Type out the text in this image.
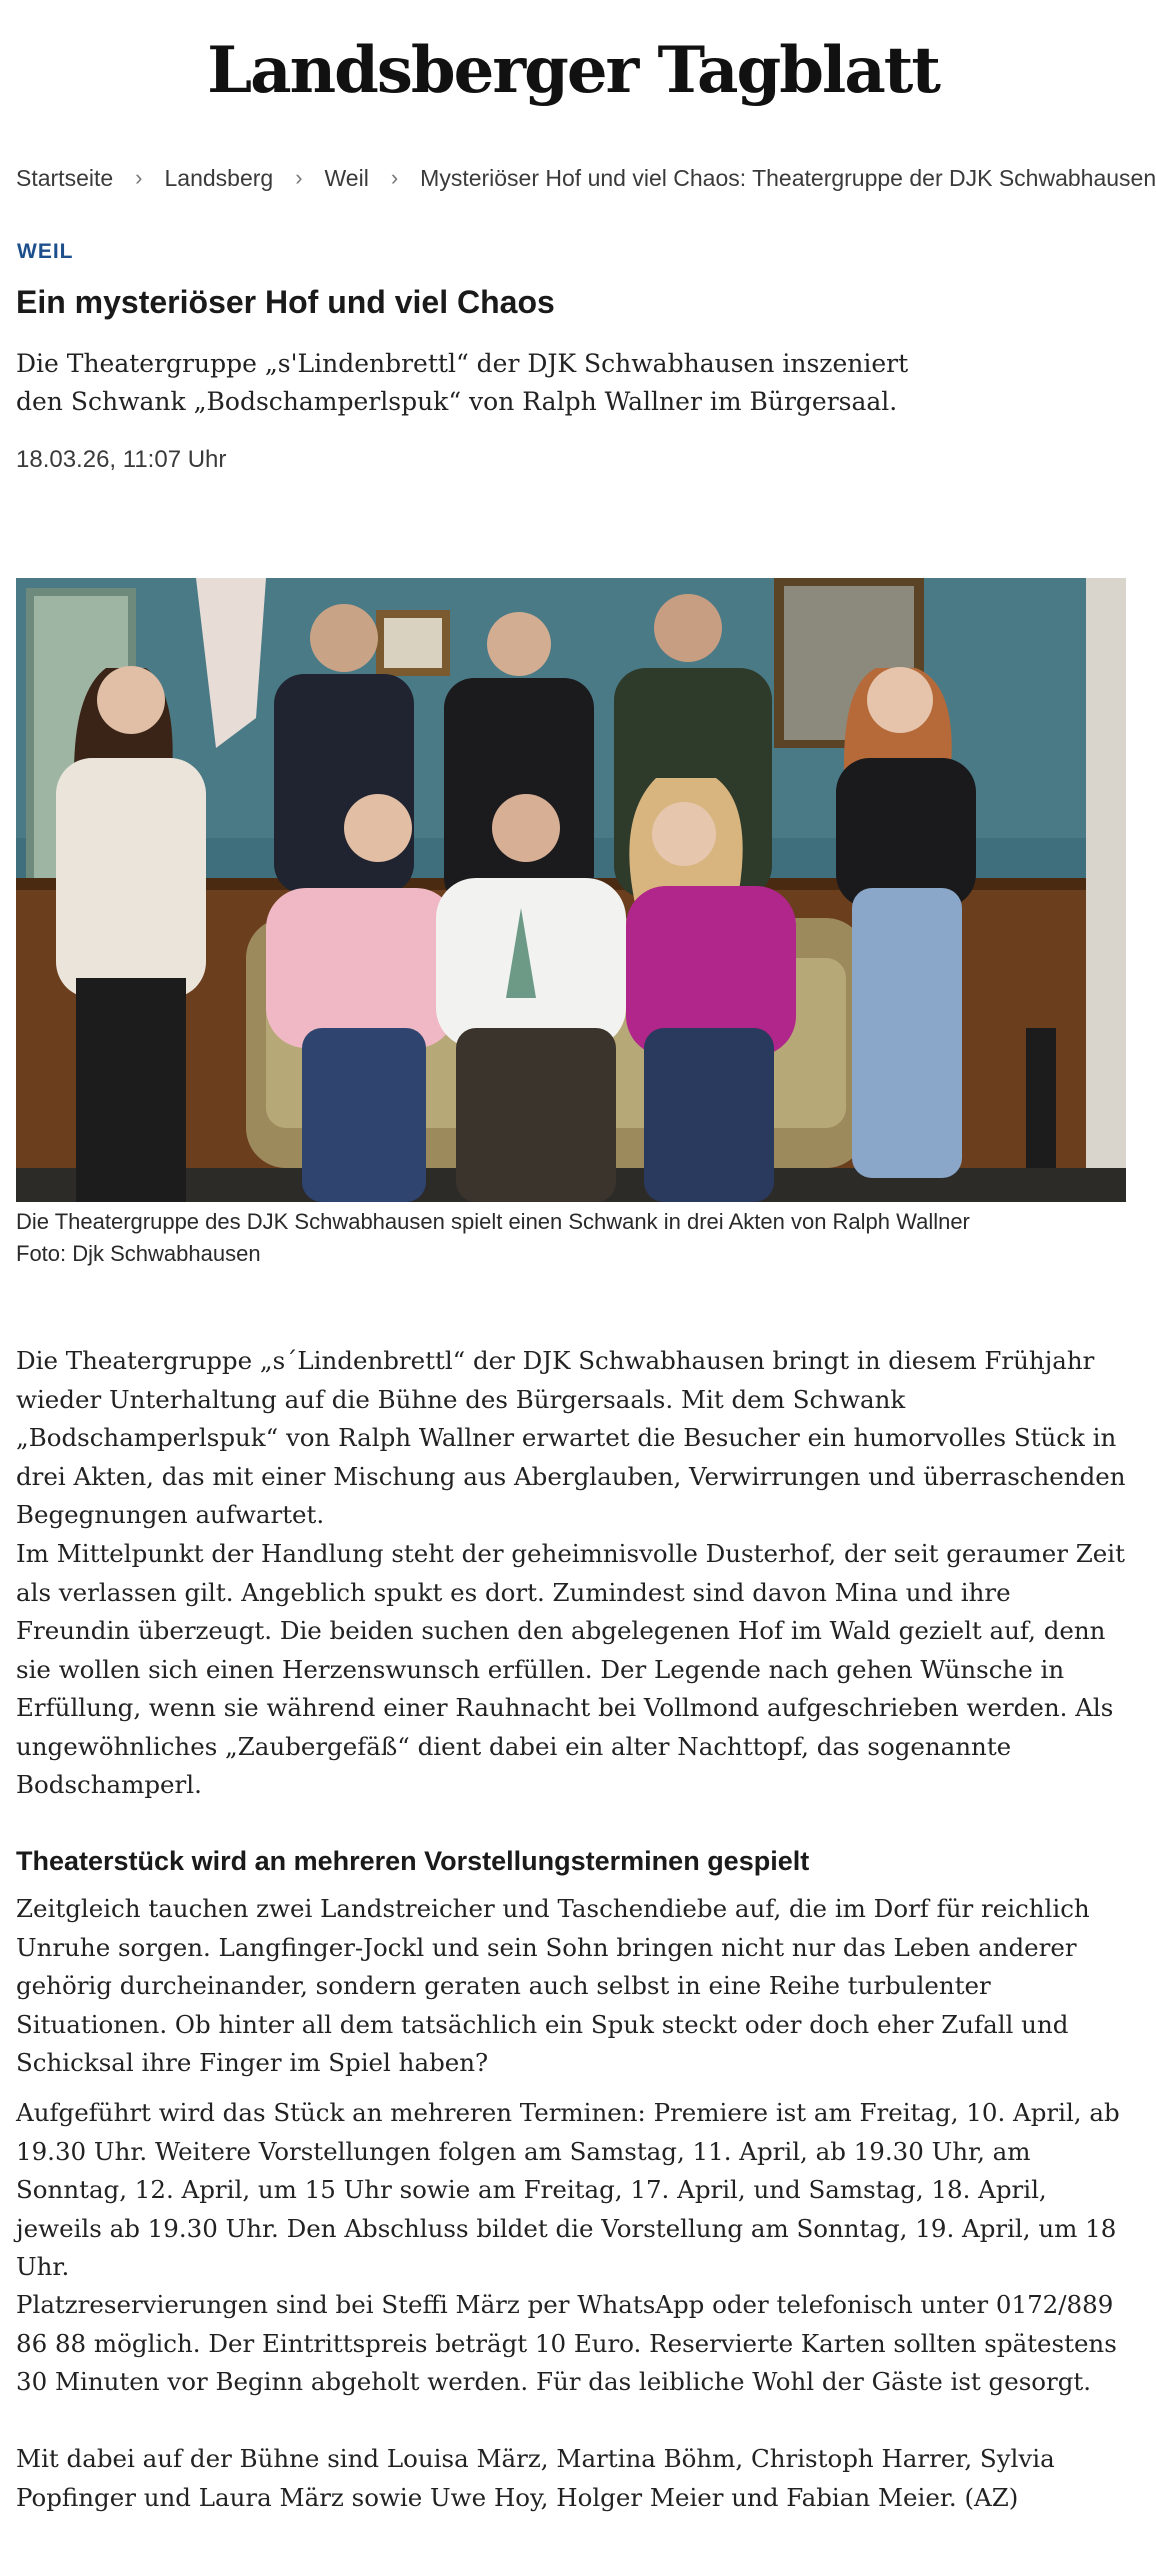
Landsberger Tagblatt
Startseite › Landsberg › Weil › Mysteriöser Hof und viel Chaos: Theatergruppe der DJK Schwabhausen
WEIL
Ein mysteriöser Hof und viel Chaos

Die Theatergruppe „s'Lindenbrettl“ der DJK Schwabhausen inszeniert den Schwank „Bodschamperlspuk“ von Ralph Wallner im Bürgersaal.

18.03.26, 11:07 Uhr
Die Theatergruppe des DJK Schwabhausen spielt einen Schwank in drei Akten von Ralph Wallner
Foto: Djk Schwabhausen

Die Theatergruppe „s´Lindenbrettl“ der DJK Schwabhausen bringt in diesem Frühjahr wieder Unterhaltung auf die Bühne des Bürgersaals. Mit dem Schwank „Bodschamperlspuk“ von Ralph Wallner erwartet die Besucher ein humorvolles Stück in drei Akten, das mit einer Mischung aus Aberglauben, Verwirrungen und überraschenden Begegnungen aufwartet.

Im Mittelpunkt der Handlung steht der geheimnisvolle Dusterhof, der seit geraumer Zeit als verlassen gilt. Angeblich spukt es dort. Zumindest sind davon Mina und ihre Freundin überzeugt. Die beiden suchen den abgelegenen Hof im Wald gezielt auf, denn sie wollen sich einen Herzenswunsch erfüllen. Der Legende nach gehen Wünsche in Erfüllung, wenn sie während einer Rauhnacht bei Vollmond aufgeschrieben werden. Als ungewöhnliches „Zaubergefäß“ dient dabei ein alter Nachttopf, das sogenannte Bodschamperl.

Theaterstück wird an mehreren Vorstellungsterminen gespielt

Zeitgleich tauchen zwei Landstreicher und Taschendiebe auf, die im Dorf für reichlich Unruhe sorgen. Langfinger-Jockl und sein Sohn bringen nicht nur das Leben anderer gehörig durcheinander, sondern geraten auch selbst in eine Reihe turbulenter Situationen. Ob hinter all dem tatsächlich ein Spuk steckt oder doch eher Zufall und Schicksal ihre Finger im Spiel haben?

Aufgeführt wird das Stück an mehreren Terminen: Premiere ist am Freitag, 10. April, ab 19.30 Uhr. Weitere Vorstellungen folgen am Samstag, 11. April, ab 19.30 Uhr, am Sonntag, 12. April, um 15 Uhr sowie am Freitag, 17. April, und Samstag, 18. April, jeweils ab 19.30 Uhr. Den Abschluss bildet die Vorstellung am Sonntag, 19. April, um 18 Uhr.

Platzreservierungen sind bei Steffi März per WhatsApp oder telefonisch unter 0172/889 86 88 möglich. Der Eintrittspreis beträgt 10 Euro. Reservierte Karten sollten spätestens 30 Minuten vor Beginn abgeholt werden. Für das leibliche Wohl der Gäste ist gesorgt.

Mit dabei auf der Bühne sind Louisa März, Martina Böhm, Christoph Harrer, Sylvia Popfinger und Laura März sowie Uwe Hoy, Holger Meier und Fabian Meier. (AZ)
